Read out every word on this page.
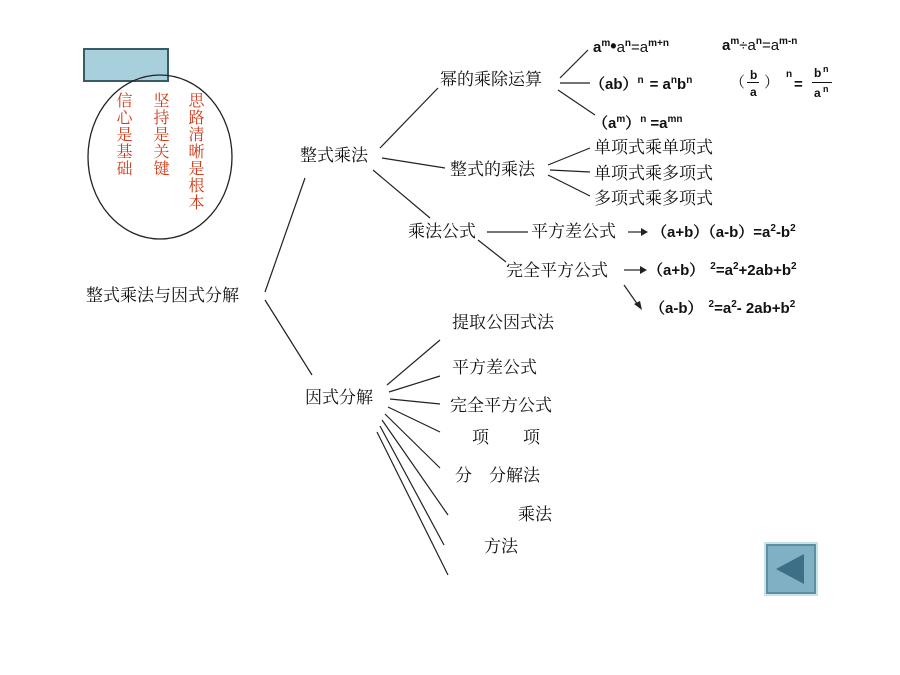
信心是基础 坚持是关键 思路清晰是根本
整式乘法与因式分解
整式乘法
因式分解
幂的乘除运算
整式的乘法
乘法公式	平方差公式
完全平方公式
单项式乘单项式
单项式乘多项式
多项式乘多项式
提取公因式法
平方差公式
完全平方公式
项　　项
分　分解法
乘法
方法
$a^m•a^n=a^{m+n}$	$a^m\div a^n=a^{m-n}$
$(ab)^n = a^nb^n$	（ b
a
） n
=
b n
a n
$(a^m)^n =a^{mn}$
$(a+b)(a-b)=a^2-b^2$
（a+b） $^2=a^2+2ab+b^2$
（a-b） $^2=a^2-$ $2ab+b^2$
